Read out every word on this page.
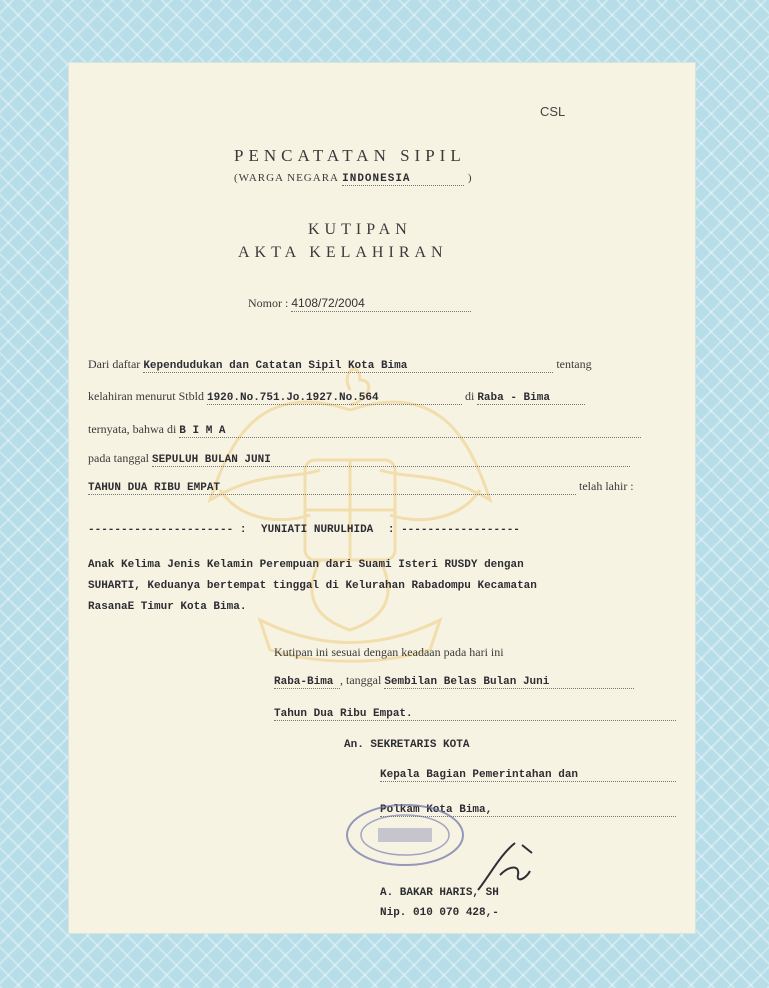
CSL
PENCATATAN SIPIL
(WARGA NEGARA INDONESIA	)
KUTIPAN
AKTA KELAHIRAN
Nomor : 4108/72/2004
Dari daftar Kependudukan dan Catatan Sipil Kota Bima	tentang
kelahiran menurut Stbld 1920.No.751.Jo.1927.No.564	di Raba - Bima
ternyata, bahwa di B I M A
pada tanggal SEPULUH BULAN JUNI
TAHUN DUA RIBU EMPAT	telah lahir :
---------------------- : YUNIATI NURULHIDA : ------------------
Anak Kelima Jenis Kelamin Perempuan dari Suami Isteri RUSDY dengan
SUHARTI, Keduanya bertempat tinggal di Kelurahan Rabadompu Kecamatan
RasanaE Timur Kota Bima.
Kutipan ini sesuai dengan keadaan pada hari ini
Raba-Bima , tanggal Sembilan Belas Bulan Juni
Tahun Dua Ribu Empat.
An. SEKRETARIS KOTA
Kepala Bagian Pemerintahan dan
Polkam Kota Bima,
A. BAKAR HARIS, SH
Nip. 010 070 428,-
